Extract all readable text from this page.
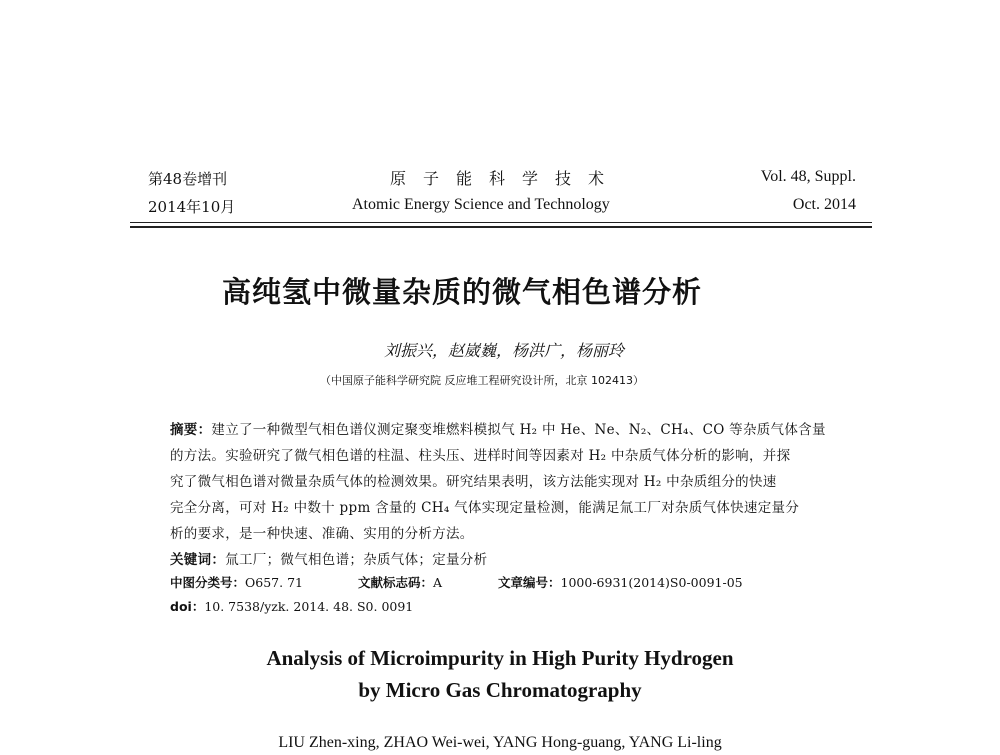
第48卷增刊
2014年10月
原子能科学技术
Atomic Energy Science and Technology
Vol. 48, Suppl.
Oct. 2014
高纯氢中微量杂质的微气相色谱分析
刘振兴，赵崴巍，杨洪广，杨丽玲
（中国原子能科学研究院 反应堆工程研究设计所，北京 102413）
摘要：建立了一种微型气相色谱仪测定聚变堆燃料模拟气 H₂ 中 He、Ne、N₂、CH₄、CO 等杂质气体含量
的方法。实验研究了微气相色谱的柱温、柱头压、进样时间等因素对 H₂ 中杂质气体分析的影响，并探
究了微气相色谱对微量杂质气体的检测效果。研究结果表明，该方法能实现对 H₂ 中杂质组分的快速
完全分离，可对 H₂ 中数十 ppm 含量的 CH₄ 气体实现定量检测，能满足氚工厂对杂质气体快速定量分
析的要求，是一种快速、准确、实用的分析方法。
关键词：氚工厂；微气相色谱；杂质气体；定量分析
中图分类号：O657. 71	文献标志码：A	文章编号：1000-6931(2014)S0-0091-05
doi：10. 7538/yzk. 2014. 48. S0. 0091
Analysis of Microimpurity in High Purity Hydrogen
by Micro Gas Chromatography
LIU Zhen-xing, ZHAO Wei-wei, YANG Hong-guang, YANG Li-ling
